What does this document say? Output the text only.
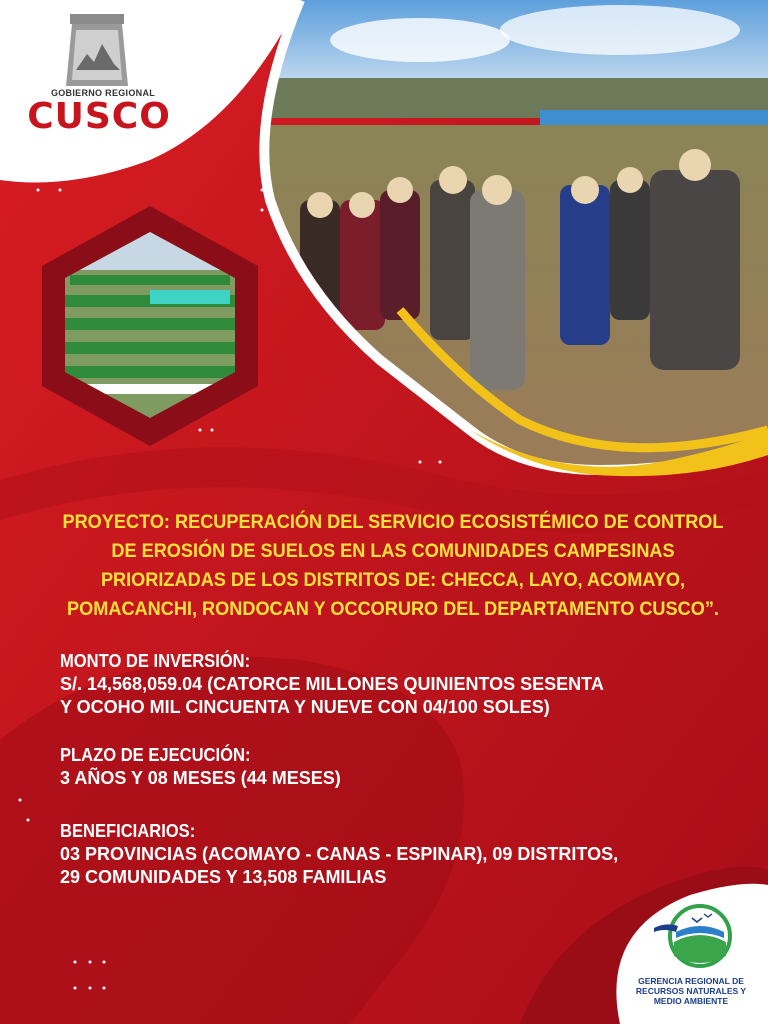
GOBIERNO REGIONAL
CUSCO
PROYECTO: RECUPERACIÓN DEL SERVICIO ECOSISTÉMICO DE CONTROL
DE EROSIÓN DE SUELOS EN LAS COMUNIDADES CAMPESINAS
PRIORIZADAS DE LOS DISTRITOS DE: CHECCA, LAYO, ACOMAYO,
POMACANCHI, RONDOCAN Y OCCORURO DEL DEPARTAMENTO CUSCO”.
MONTO DE INVERSIÓN:
S/. 14,568,059.04 (CATORCE MILLONES QUINIENTOS SESENTA
Y OCOHO MIL CINCUENTA Y NUEVE CON 04/100 SOLES)
PLAZO DE EJECUCIÓN:
3 AÑOS Y 08 MESES (44 MESES)
BENEFICIARIOS:
03 PROVINCIAS (ACOMAYO - CANAS - ESPINAR), 09 DISTRITOS,
29 COMUNIDADES Y 13,508 FAMILIAS
GERENCIA REGIONAL DE
RECURSOS NATURALES Y
MEDIO AMBIENTE
